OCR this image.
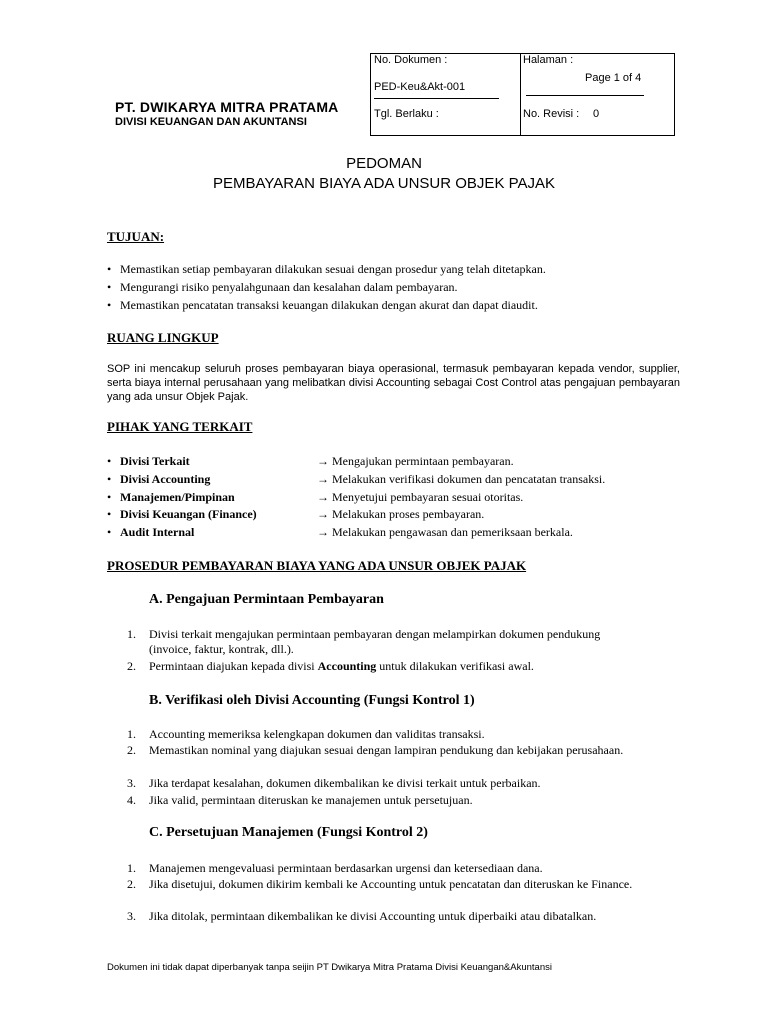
PT. DWIKARYA MITRA PRATAMA
DIVISI KEUANGAN DAN AKUNTANSI
No. Dokumen :
PED-Keu&Akt-001
Tgl. Berlaku :
Halaman :
Page 1 of 4
No. Revisi : 0
PEDOMAN
PEMBAYARAN BIAYA ADA UNSUR OBJEK PAJAK
TUJUAN:
• Memastikan setiap pembayaran dilakukan sesuai dengan prosedur yang telah ditetapkan.
• Mengurangi risiko penyalahgunaan dan kesalahan dalam pembayaran.
• Memastikan pencatatan transaksi keuangan dilakukan dengan akurat dan dapat diaudit.
RUANG LINGKUP
SOP ini mencakup seluruh proses pembayaran biaya operasional, termasuk pembayaran kepada vendor, supplier, serta biaya internal perusahaan yang melibatkan divisi Accounting sebagai Cost Control atas pengajuan pembayaran yang ada unsur Objek Pajak.
PIHAK YANG TERKAIT
• Divisi Terkait	→ Mengajukan permintaan pembayaran.
• Divisi Accounting	→ Melakukan verifikasi dokumen dan pencatatan transaksi.
• Manajemen/Pimpinan	→ Menyetujui pembayaran sesuai otoritas.
• Divisi Keuangan (Finance)	→ Melakukan proses pembayaran.
• Audit Internal	→ Melakukan pengawasan dan pemeriksaan berkala.
PROSEDUR PEMBAYARAN BIAYA YANG ADA UNSUR OBJEK PAJAK
A. Pengajuan Permintaan Pembayaran
1. Divisi terkait mengajukan permintaan pembayaran dengan melampirkan dokumen pendukung (invoice, faktur, kontrak, dll.).
2. Permintaan diajukan kepada divisi Accounting untuk dilakukan verifikasi awal.
B. Verifikasi oleh Divisi Accounting (Fungsi Kontrol 1)
1. Accounting memeriksa kelengkapan dokumen dan validitas transaksi.
2. Memastikan nominal yang diajukan sesuai dengan lampiran pendukung dan kebijakan perusahaan.
3. Jika terdapat kesalahan, dokumen dikembalikan ke divisi terkait untuk perbaikan.
4. Jika valid, permintaan diteruskan ke manajemen untuk persetujuan.
C. Persetujuan Manajemen (Fungsi Kontrol 2)
1. Manajemen mengevaluasi permintaan berdasarkan urgensi dan ketersediaan dana.
2. Jika disetujui, dokumen dikirim kembali ke Accounting untuk pencatatan dan diteruskan ke Finance.
3. Jika ditolak, permintaan dikembalikan ke divisi Accounting untuk diperbaiki atau dibatalkan.
Dokumen ini tidak dapat diperbanyak tanpa seijin PT Dwikarya Mitra Pratama Divisi Keuangan&Akuntansi
